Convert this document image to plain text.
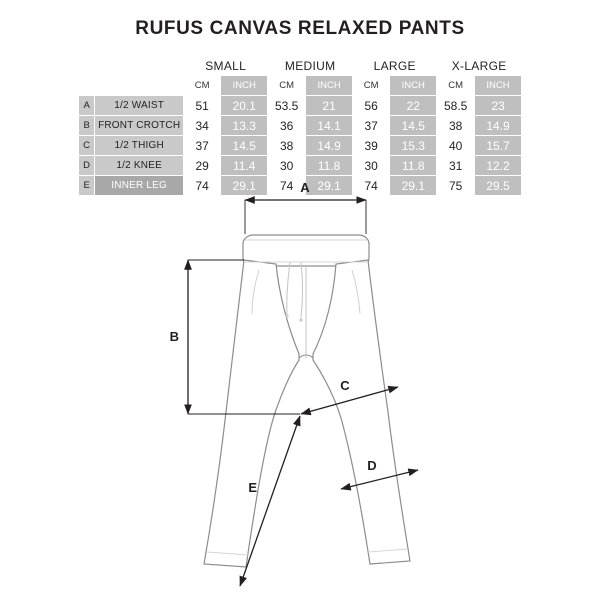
RUFUS CANVAS RELAXED PANTS
		SMALL		MEDIUM		LARGE		X-LARGE	
		CM	INCH	CM	INCH	CM	INCH	CM	INCH
A	1/2 WAIST	51	20.1	53.5	21	56	22	58.5	23
B	FRONT CROTCH	34	13.3	36	14.1	37	14.5	38	14.9
C	1/2 THIGH	37	14.5	38	14.9	39	15.3	40	15.7
D	1/2 KNEE	29	11.4	30	11.8	30	11.8	31	12.2
E	INNER LEG	74	29.1	74	29.1	74	29.1	75	29.5
A
B
C
D
E
